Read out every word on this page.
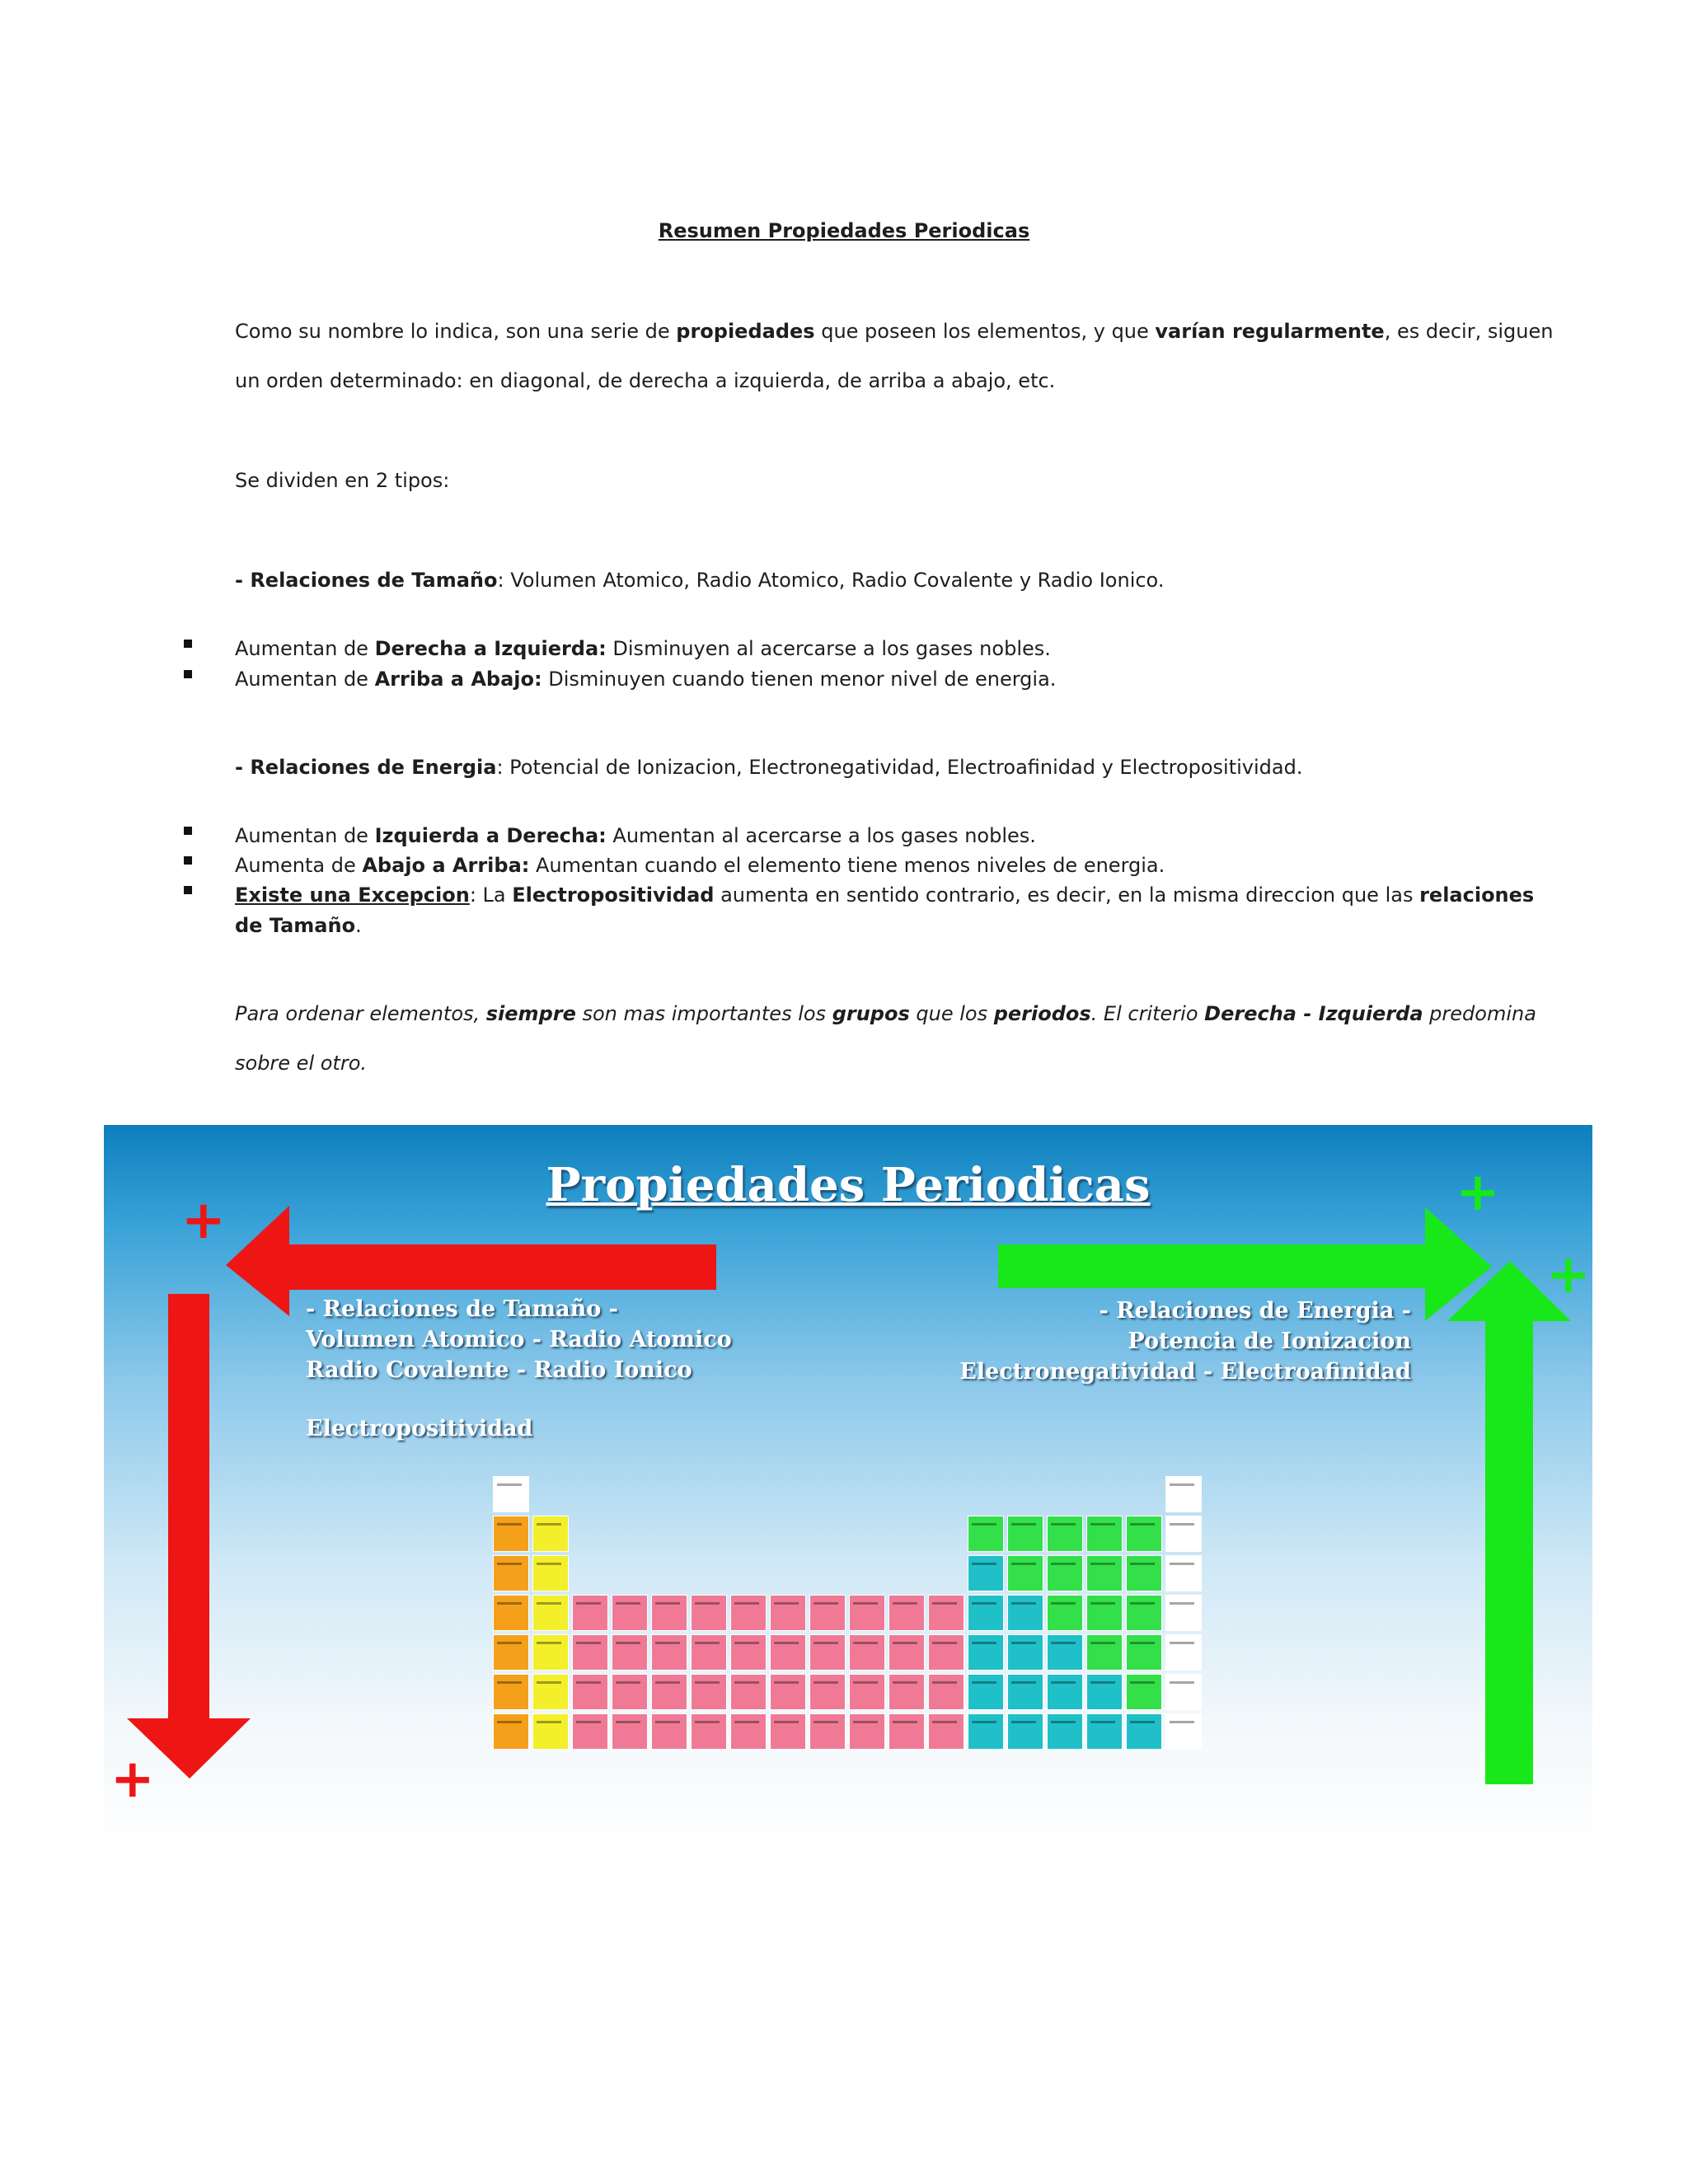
Resumen Propiedades Periodicas
Como su nombre lo indica, son una serie de propiedades que poseen los elementos, y que varían regularmente, es decir, siguen
un orden determinado: en diagonal, de derecha a izquierda, de arriba a abajo, etc.
Se dividen en 2 tipos:
- Relaciones de Tamaño: Volumen Atomico, Radio Atomico, Radio Covalente y Radio Ionico.
Aumentan de Derecha a Izquierda: Disminuyen al acercarse a los gases nobles.
Aumentan de Arriba a Abajo: Disminuyen cuando tienen menor nivel de energia.
- Relaciones de Energia: Potencial de Ionizacion, Electronegatividad, Electroafinidad y Electropositividad.
Aumentan de Izquierda a Derecha: Aumentan al acercarse a los gases nobles.
Aumenta de Abajo a Arriba: Aumentan cuando el elemento tiene menos niveles de energia.
Existe una Excepcion: La Electropositividad aumenta en sentido contrario, es decir, en la misma direccion que las relaciones
de Tamaño.
Para ordenar elementos, siempre son mas importantes los grupos que los periodos. El criterio Derecha - Izquierda predomina
sobre el otro.
Propiedades Periodicas
+
+
+
+
- Relaciones de Tamaño -
Volumen Atomico - Radio Atomico
Radio Covalente - Radio Ionico
Electropositividad
- Relaciones de Energia -
Potencia de Ionizacion
Electronegatividad - Electroafinidad
